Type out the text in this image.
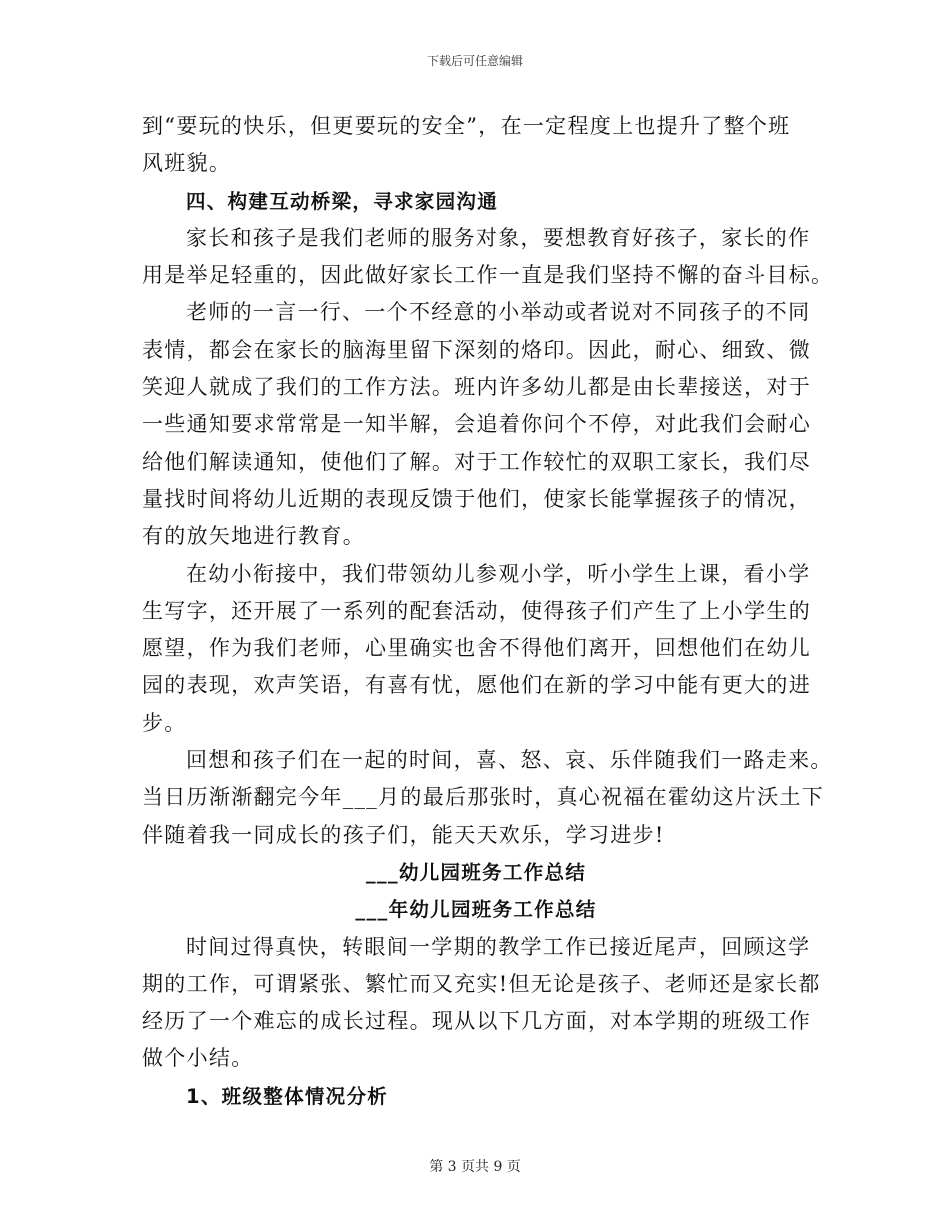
下载后可任意编辑
到“要玩的快乐，但更要玩的安全”，在一定程度上也提升了整个班
风班貌。
四、构建互动桥梁，寻求家园沟通
家长和孩子是我们老师的服务对象，要想教育好孩子，家长的作
用是举足轻重的，因此做好家长工作一直是我们坚持不懈的奋斗目标。
老师的一言一行、一个不经意的小举动或者说对不同孩子的不同
表情，都会在家长的脑海里留下深刻的烙印。因此，耐心、细致、微
笑迎人就成了我们的工作方法。班内许多幼儿都是由长辈接送，对于
一些通知要求常常是一知半解，会追着你问个不停，对此我们会耐心
给他们解读通知，使他们了解。对于工作较忙的双职工家长，我们尽
量找时间将幼儿近期的表现反馈于他们，使家长能掌握孩子的情况，
有的放矢地进行教育。
在幼小衔接中，我们带领幼儿参观小学，听小学生上课，看小学
生写字，还开展了一系列的配套活动，使得孩子们产生了上小学生的
愿望，作为我们老师，心里确实也舍不得他们离开，回想他们在幼儿
园的表现，欢声笑语，有喜有忧，愿他们在新的学习中能有更大的进
步。
回想和孩子们在一起的时间，喜、怒、哀、乐伴随我们一路走来。
当日历渐渐翻完今年___月的最后那张时，真心祝福在霍幼这片沃土下
伴随着我一同成长的孩子们，能天天欢乐，学习进步!
___幼儿园班务工作总结
___年幼儿园班务工作总结
时间过得真快，转眼间一学期的教学工作已接近尾声，回顾这学
期的工作，可谓紧张、繁忙而又充实!但无论是孩子、老师还是家长都
经历了一个难忘的成长过程。现从以下几方面，对本学期的班级工作
做个小结。
1、班级整体情况分析
第 3 页共 9 页
